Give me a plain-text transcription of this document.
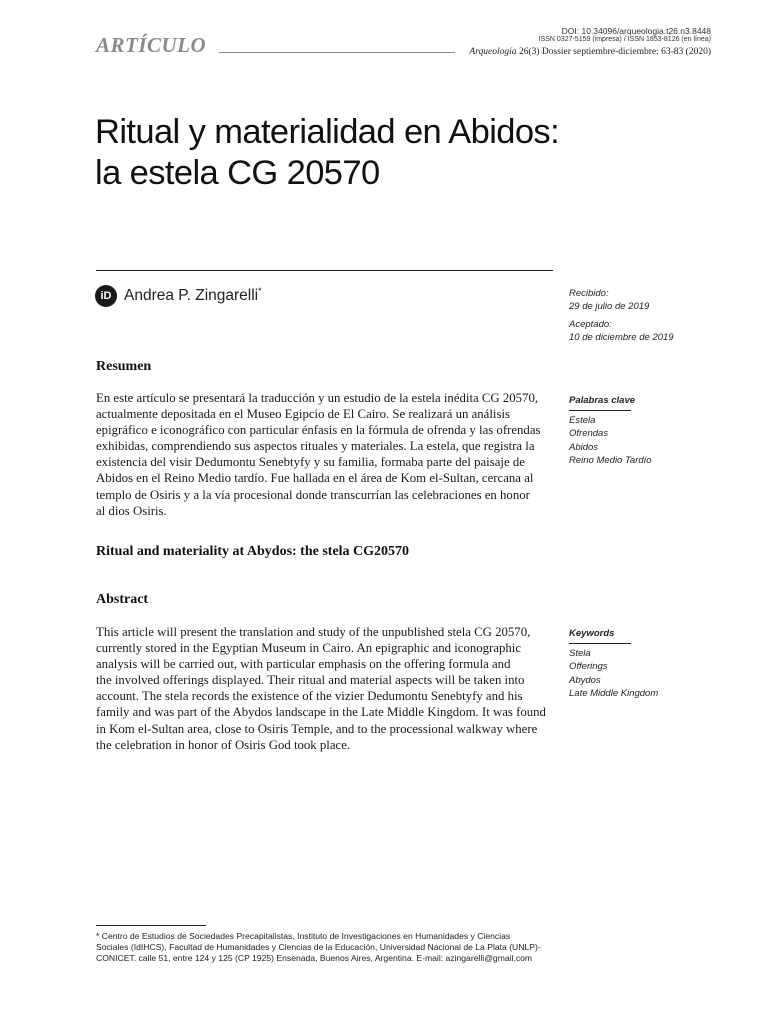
ARTÍCULO
DOI: 10.34096/arqueologia.t26.n3.8448
ISSN 0327-5159 (impresa) / ISSN 1853-8126 (en línea)
Arqueología 26(3) Dossier septiembre-diciembre: 63-83 (2020)
Ritual y materialidad en Abidos:
la estela CG 20570
iD Andrea P. Zingarelli*	Recibido:
29 de julio de 2019
Aceptado:
10 de diciembre de 2019
Resumen
En este artículo se presentará la traducción y un estudio de la estela inédita CG 20570,
actualmente depositada en el Museo Egipcio de El Cairo. Se realizará un análisis
epigráfico e iconográfico con particular énfasis en la fórmula de ofrenda y las ofrendas
exhibidas, comprendiendo sus aspectos rituales y materiales. La estela, que registra la
existencia del visir Dedumontu Senebtyfy y su familia, formaba parte del paisaje de
Abidos en el Reino Medio tardío. Fue hallada en el área de Kom el-Sultan, cercana al
templo de Osiris y a la vía procesional donde transcurrían las celebraciones en honor
al dios Osiris.
Palabras clave
Estela
Ofrendas
Abidos
Reino Medio Tardío
Ritual and materiality at Abydos: the stela CG20570
Abstract
This article will present the translation and study of the unpublished stela CG 20570,
currently stored in the Egyptian Museum in Cairo. An epigraphic and iconographic
analysis will be carried out, with particular emphasis on the offering formula and
the involved offerings displayed. Their ritual and material aspects will be taken into
account. The stela records the existence of the vizier Dedumontu Senebtyfy and his
family and was part of the Abydos landscape in the Late Middle Kingdom. It was found
in Kom el-Sultan area, close to Osiris Temple, and to the processional walkway where
the celebration in honor of Osiris God took place.
Keywords
Stela
Offerings
Abydos
Late Middle Kingdom
* Centro de Estudios de Sociedades Precapitalistas, Instituto de Investigaciones en Humanidades y Ciencias
Sociales (IdIHCS), Facultad de Humanidades y Ciencias de la Educación, Universidad Nacional de La Plata (UNLP)-
CONICET. calle 51, entre 124 y 125 (CP 1925) Ensenada, Buenos Aires, Argentina. E-mail: azingarelli@gmail.com
